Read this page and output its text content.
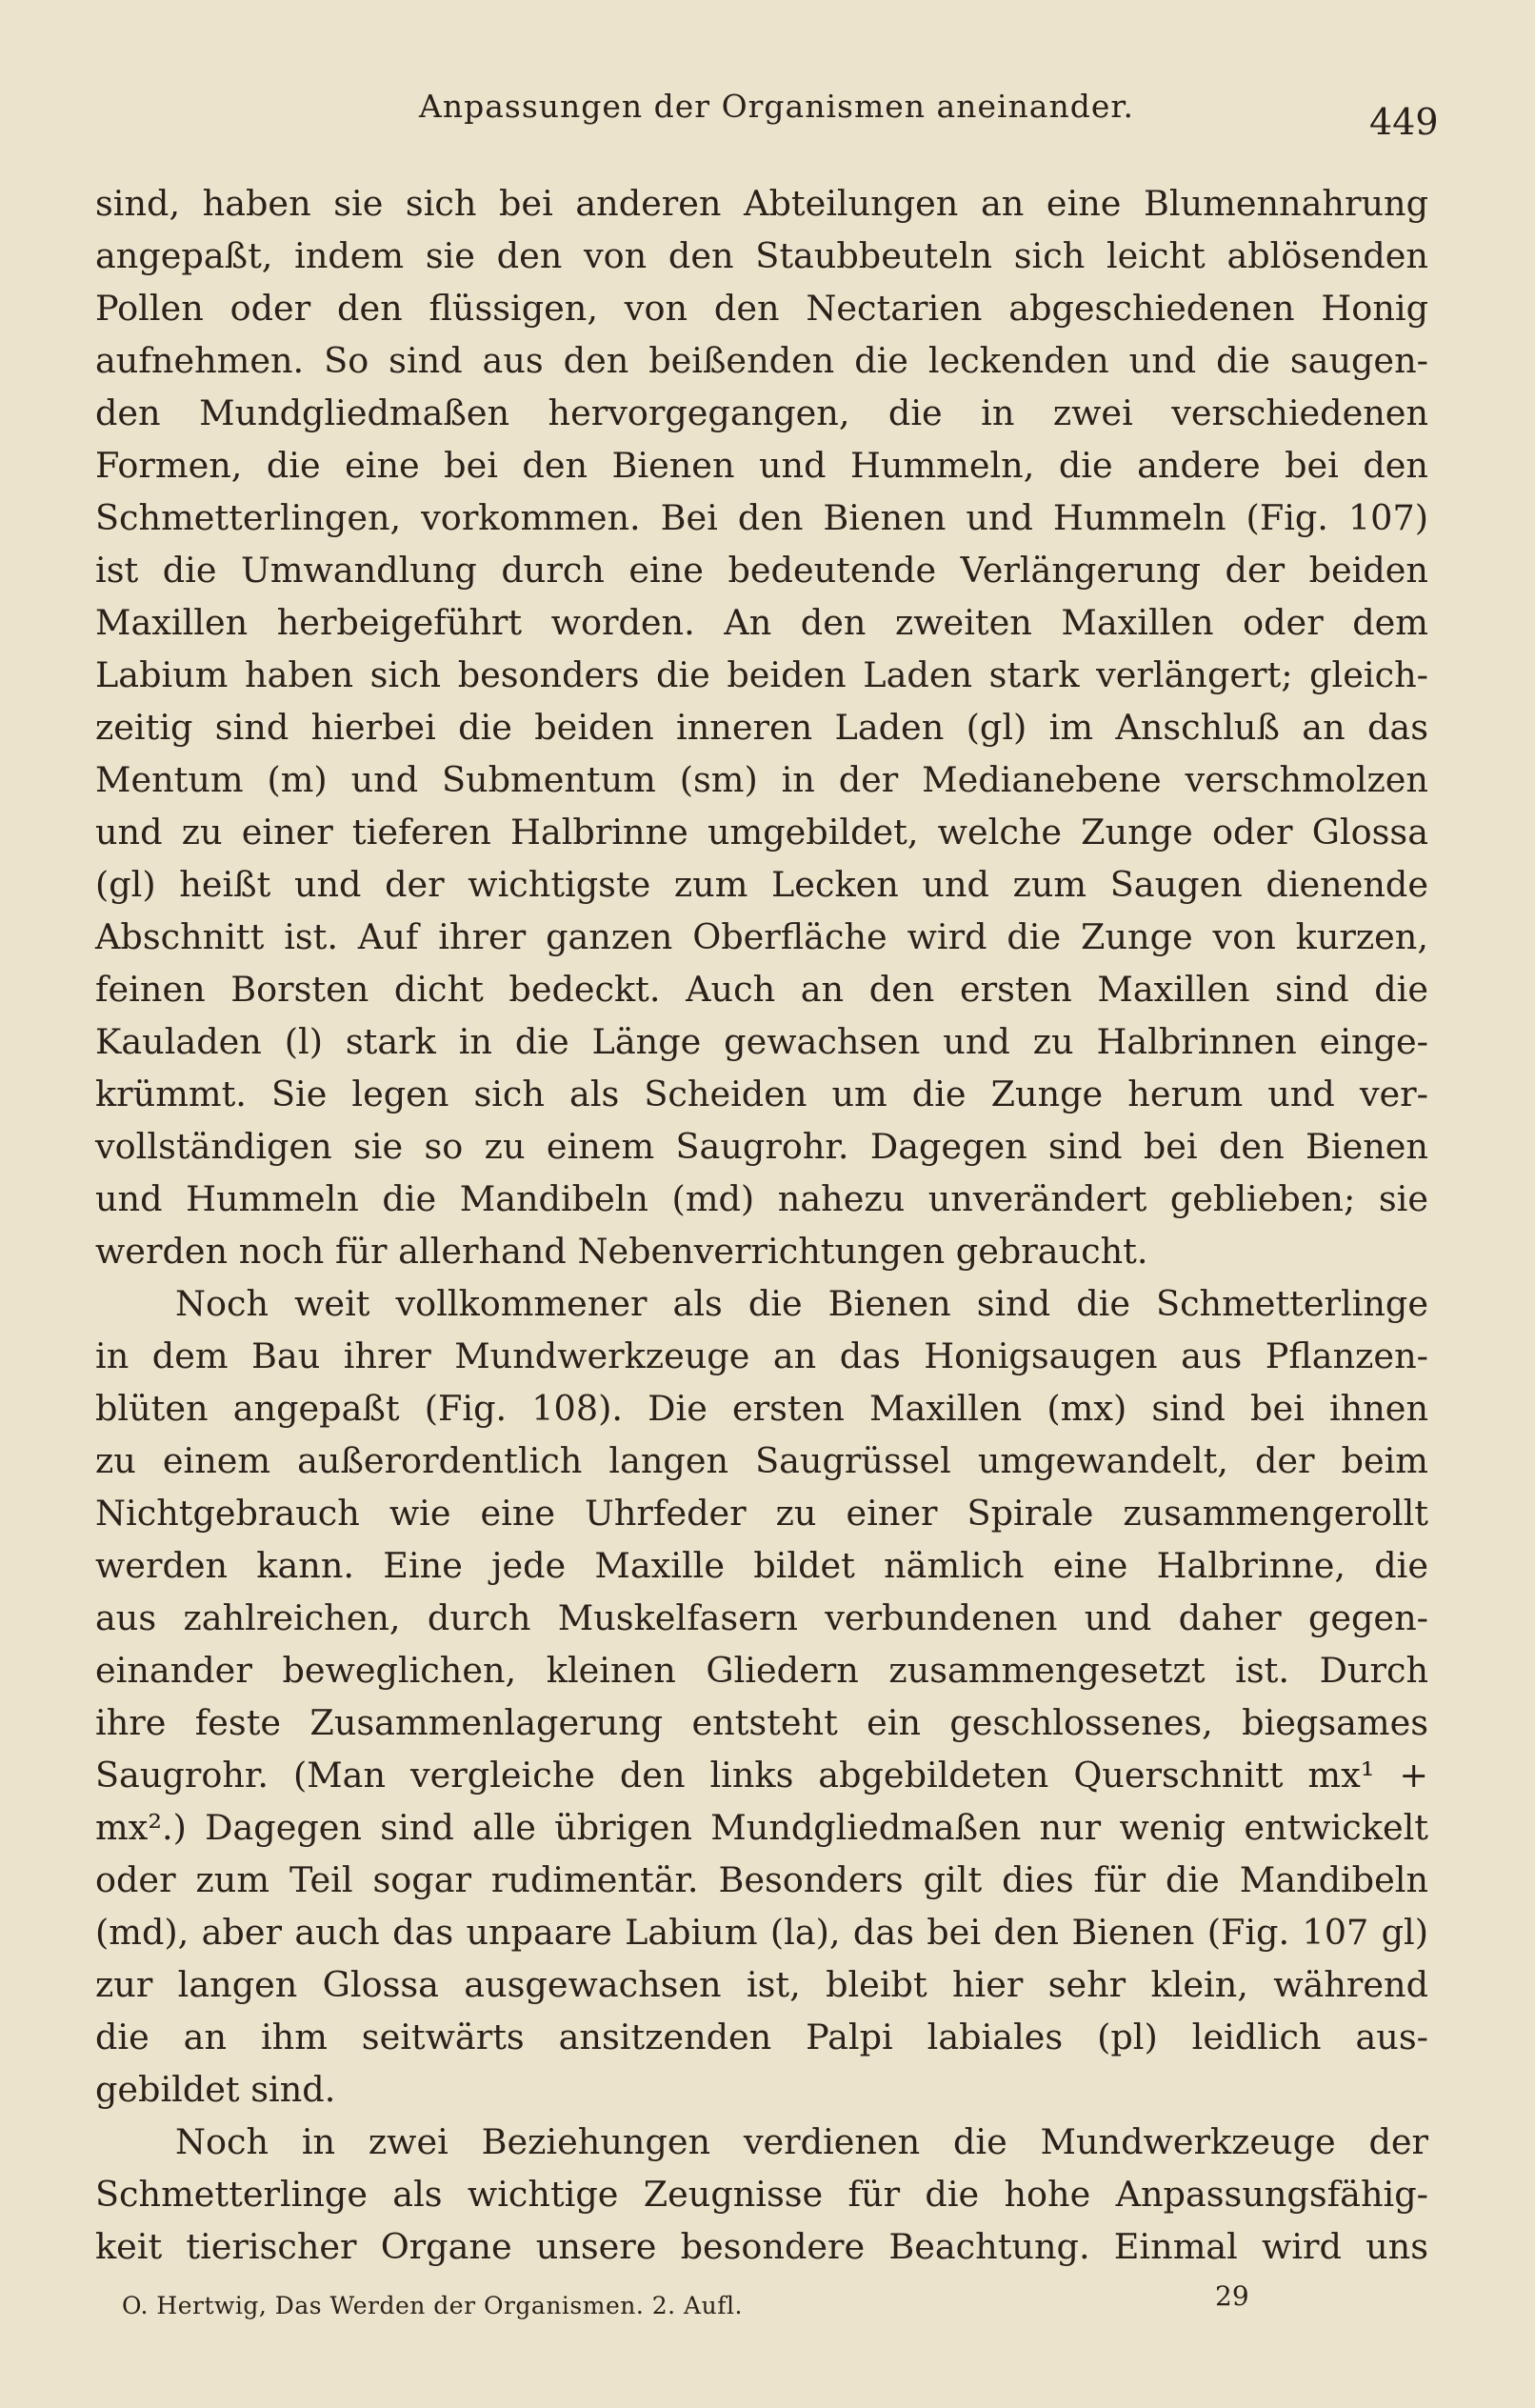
Anpassungen der Organismen aneinander.	449
sind, haben sie sich bei anderen Abteilungen an eine Blumennahrung
angepaßt, indem sie den von den Staubbeuteln sich leicht ablösenden
Pollen oder den flüssigen, von den Nectarien abgeschiedenen Honig
aufnehmen. So sind aus den beißenden die leckenden und die saugen-
den Mundgliedmaßen hervorgegangen, die in zwei verschiedenen
Formen, die eine bei den Bienen und Hummeln, die andere bei den
Schmetterlingen, vorkommen. Bei den Bienen und Hummeln (Fig. 107)
ist die Umwandlung durch eine bedeutende Verlängerung der beiden
Maxillen herbeigeführt worden. An den zweiten Maxillen oder dem
Labium haben sich besonders die beiden Laden stark verlängert; gleich-
zeitig sind hierbei die beiden inneren Laden (gl) im Anschluß an das
Mentum (m) und Submentum (sm) in der Medianebene verschmolzen
und zu einer tieferen Halbrinne umgebildet, welche Zunge oder Glossa
(gl) heißt und der wichtigste zum Lecken und zum Saugen dienende
Abschnitt ist. Auf ihrer ganzen Oberfläche wird die Zunge von kurzen,
feinen Borsten dicht bedeckt. Auch an den ersten Maxillen sind die
Kauladen (l) stark in die Länge gewachsen und zu Halbrinnen einge-
krümmt. Sie legen sich als Scheiden um die Zunge herum und ver-
vollständigen sie so zu einem Saugrohr. Dagegen sind bei den Bienen
und Hummeln die Mandibeln (md) nahezu unverändert geblieben; sie
werden noch für allerhand Nebenverrichtungen gebraucht.
Noch weit vollkommener als die Bienen sind die Schmetterlinge
in dem Bau ihrer Mundwerkzeuge an das Honigsaugen aus Pflanzen-
blüten angepaßt (Fig. 108). Die ersten Maxillen (mx) sind bei ihnen
zu einem außerordentlich langen Saugrüssel umgewandelt, der beim
Nichtgebrauch wie eine Uhrfeder zu einer Spirale zusammengerollt
werden kann. Eine jede Maxille bildet nämlich eine Halbrinne, die
aus zahlreichen, durch Muskelfasern verbundenen und daher gegen-
einander beweglichen, kleinen Gliedern zusammengesetzt ist. Durch
ihre feste Zusammenlagerung entsteht ein geschlossenes, biegsames
Saugrohr. (Man vergleiche den links abgebildeten Querschnitt mx¹ +
mx².) Dagegen sind alle übrigen Mundgliedmaßen nur wenig entwickelt
oder zum Teil sogar rudimentär. Besonders gilt dies für die Mandibeln
(md), aber auch das unpaare Labium (la), das bei den Bienen (Fig. 107 gl)
zur langen Glossa ausgewachsen ist, bleibt hier sehr klein, während
die an ihm seitwärts ansitzenden Palpi labiales (pl) leidlich aus-
gebildet sind.
Noch in zwei Beziehungen verdienen die Mundwerkzeuge der
Schmetterlinge als wichtige Zeugnisse für die hohe Anpassungsfähig-
keit tierischer Organe unsere besondere Beachtung. Einmal wird uns
O. Hertwig, Das Werden der Organismen. 2. Aufl.	29
